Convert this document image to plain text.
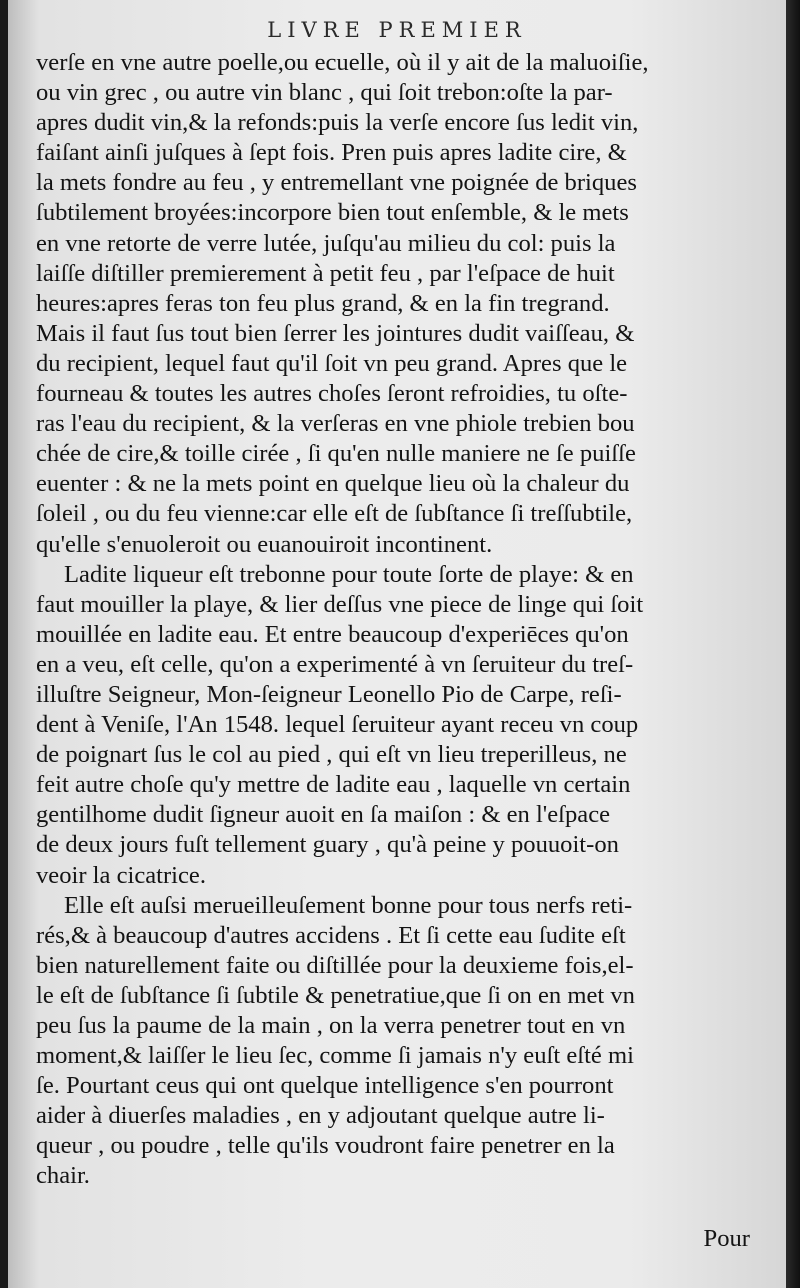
LIVRE PREMIER
verſe en vne autre poelle,ou ecuelle, où il y ait de la maluoiſie,
ou vin grec , ou autre vin blanc , qui ſoit trebon:oſte la par-
apres dudit vin,& la refonds:puis la verſe encore ſus ledit vin,
faiſant ainſi juſques à ſept fois. Pren puis apres ladite cire, &
la mets fondre au feu , y entremellant vne poignée de briques
ſubtilement broyées:incorpore bien tout enſemble, & le mets
en vne retorte de verre lutée, juſqu'au milieu du col: puis la
laiſſe diſtiller premierement à petit feu , par l'eſpace de huit
heures:apres feras ton feu plus grand, & en la fin tregrand.
Mais il faut ſus tout bien ſerrer les jointures dudit vaiſſeau, &
du recipient, lequel faut qu'il ſoit vn peu grand. Apres que le
fourneau & toutes les autres choſes ſeront refroidies, tu oſte-
ras l'eau du recipient, & la verſeras en vne phiole trebien bou
chée de cire,& toille cirée , ſi qu'en nulle maniere ne ſe puiſſe
euenter : & ne la mets point en quelque lieu où la chaleur du
ſoleil , ou du feu vienne:car elle eſt de ſubſtance ſi treſſubtile,
qu'elle s'enuoleroit ou euanouiroit incontinent.
Ladite liqueur eſt trebonne pour toute ſorte de playe: & en
faut mouiller la playe, & lier deſſus vne piece de linge qui ſoit
mouillée en ladite eau. Et entre beaucoup d'experiēces qu'on
en a veu, eſt celle, qu'on a experimenté à vn ſeruiteur du treſ-
illuſtre Seigneur, Mon-ſeigneur Leonello Pio de Carpe, reſi-
dent à Veniſe, l'An 1548. lequel ſeruiteur ayant receu vn coup
de poignart ſus le col au pied , qui eſt vn lieu treperilleus, ne
feit autre choſe qu'y mettre de ladite eau , laquelle vn certain
gentilhome dudit ſigneur auoit en ſa maiſon : & en l'eſpace
de deux jours fuſt tellement guary , qu'à peine y pouuoit-on
veoir la cicatrice.
Elle eſt auſsi merueilleuſement bonne pour tous nerfs reti-
rés,& à beaucoup d'autres accidens . Et ſi cette eau ſudite eſt
bien naturellement faite ou diſtillée pour la deuxieme fois,el-
le eſt de ſubſtance ſi ſubtile & penetratiue,que ſi on en met vn
peu ſus la paume de la main , on la verra penetrer tout en vn
moment,& laiſſer le lieu ſec, comme ſi jamais n'y euſt eſté mi
ſe. Pourtant ceus qui ont quelque intelligence s'en pourront
aider à diuerſes maladies , en y adjoutant quelque autre li-
queur , ou poudre , telle qu'ils voudront faire penetrer en la
chair.
Pour
